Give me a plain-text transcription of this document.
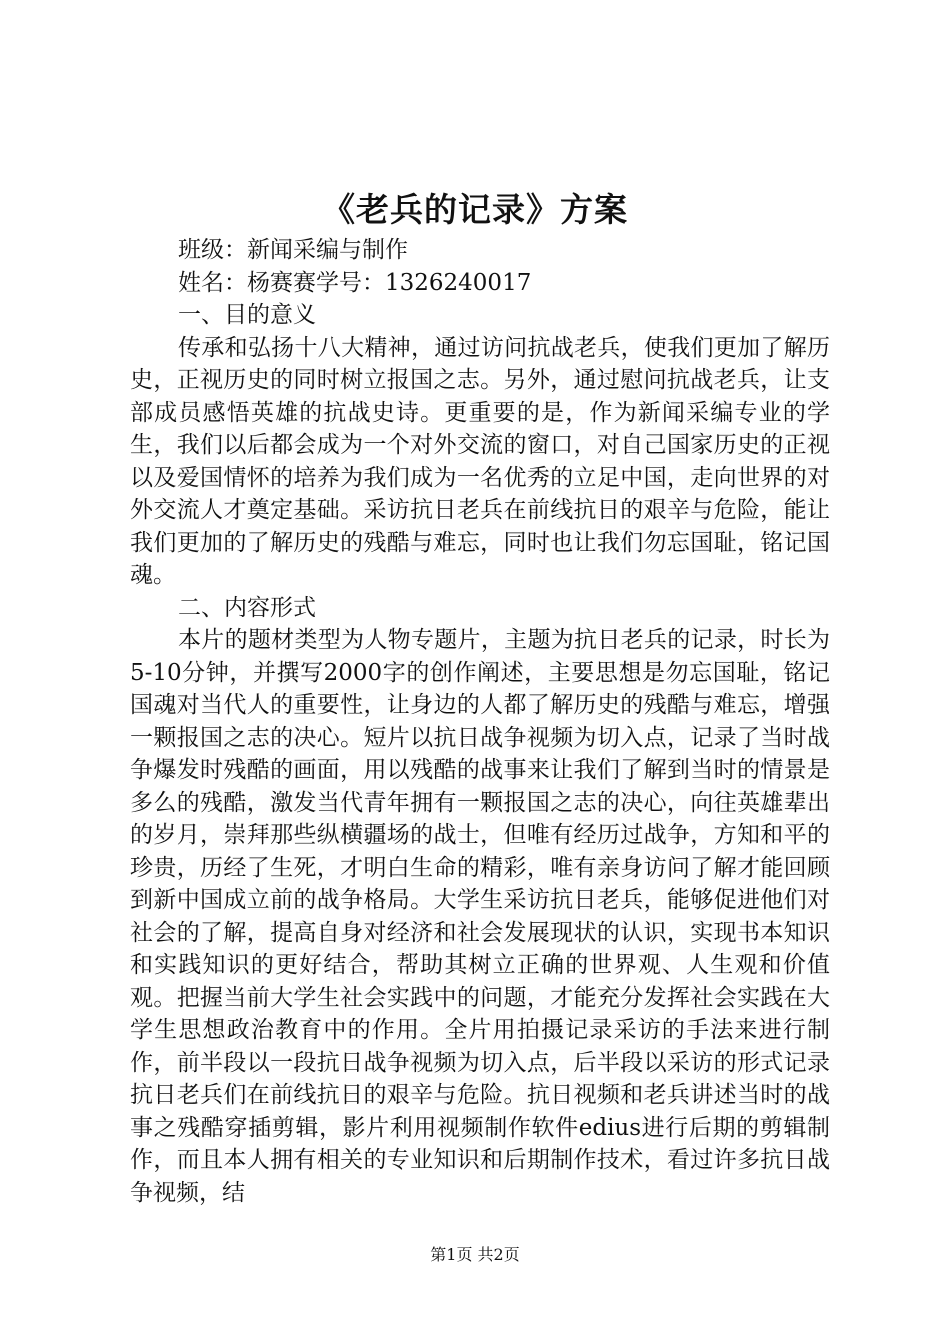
《老兵的记录》方案

班级：新闻采编与制作

姓名：杨赛赛学号：1326240017

一、目的意义

传承和弘扬十八大精神，通过访问抗战老兵，使我们更加了解历史，正视历史的同时树立报国之志。另外，通过慰问抗战老兵，让支部成员感悟英雄的抗战史诗。更重要的是，作为新闻采编专业的学生，我们以后都会成为一个对外交流的窗口，对自己国家历史的正视以及爱国情怀的培养为我们成为一名优秀的立足中国，走向世界的对外交流人才奠定基础。采访抗日老兵在前线抗日的艰辛与危险，能让我们更加的了解历史的残酷与难忘，同时也让我们勿忘国耻，铭记国魂。

二、内容形式

本片的题材类型为人物专题片，主题为抗日老兵的记录，时长为5-10分钟，并撰写2000字的创作阐述，主要思想是勿忘国耻，铭记国魂对当代人的重要性，让身边的人都了解历史的残酷与难忘，增强一颗报国之志的决心。短片以抗日战争视频为切入点，记录了当时战争爆发时残酷的画面，用以残酷的战事来让我们了解到当时的情景是多么的残酷，激发当代青年拥有一颗报国之志的决心，向往英雄辈出的岁月，崇拜那些纵横疆场的战士，但唯有经历过战争，方知和平的珍贵，历经了生死，才明白生命的精彩，唯有亲身访问了解才能回顾到新中国成立前的战争格局。大学生采访抗日老兵，能够促进他们对社会的了解，提高自身对经济和社会发展现状的认识，实现书本知识和实践知识的更好结合，帮助其树立正确的世界观、人生观和价值观。把握当前大学生社会实践中的问题，才能充分发挥社会实践在大学生思想政治教育中的作用。全片用拍摄记录采访的手法来进行制作，前半段以一段抗日战争视频为切入点，后半段以采访的形式记录抗日老兵们在前线抗日的艰辛与危险。抗日视频和老兵讲述当时的战事之残酷穿插剪辑，影片利用视频制作软件edius进行后期的剪辑制作，而且本人拥有相关的专业知识和后期制作技术，看过许多抗日战争视频，结

第1页 共2页
